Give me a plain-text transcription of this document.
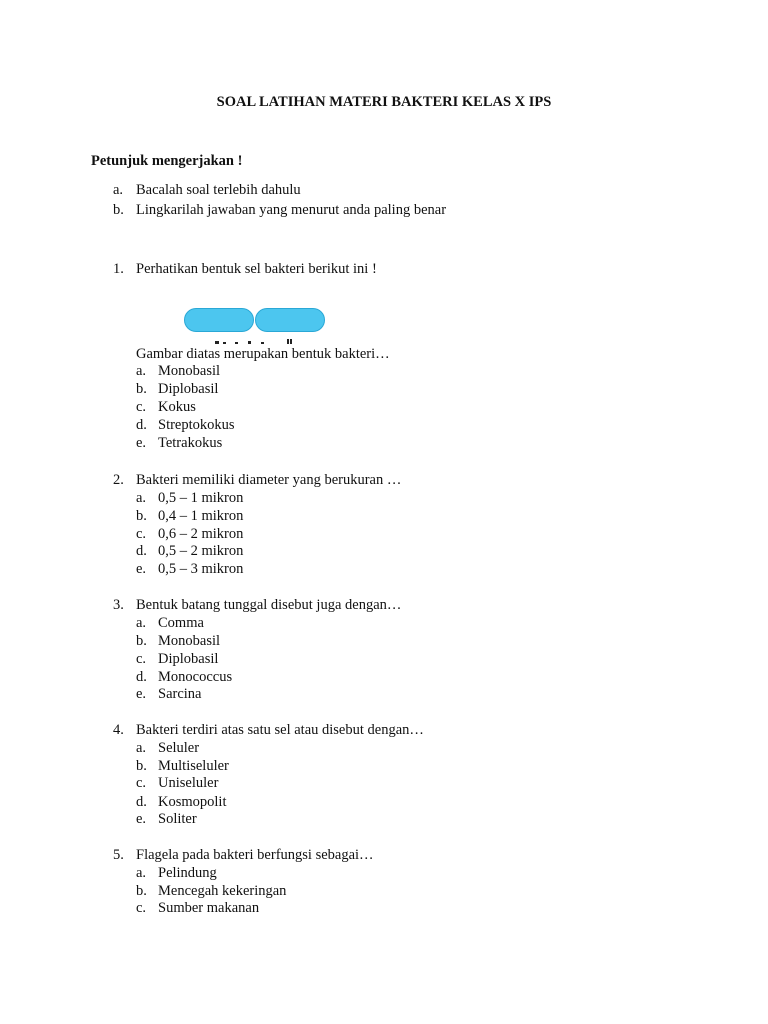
SOAL LATIHAN MATERI BAKTERI KELAS X IPS
Petunjuk mengerjakan !
a. Bacalah soal terlebih dahulu
b. Lingkarilah jawaban yang menurut anda paling benar
1. Perhatikan bentuk sel bakteri berikut ini !
Gambar diatas merupakan bentuk bakteri…
a. Monobasil
b. Diplobasil
c. Kokus
d. Streptokokus
e. Tetrakokus
2. Bakteri memiliki diameter yang berukuran …
a. 0,5 – 1 mikron
b. 0,4 – 1 mikron
c. 0,6 – 2 mikron
d. 0,5 – 2 mikron
e. 0,5 – 3 mikron
3. Bentuk batang tunggal disebut juga dengan…
a. Comma
b. Monobasil
c. Diplobasil
d. Monococcus
e. Sarcina
4. Bakteri terdiri atas satu sel atau disebut dengan…
a. Seluler
b. Multiseluler
c. Uniseluler
d. Kosmopolit
e. Soliter
5. Flagela pada bakteri berfungsi sebagai…
a. Pelindung
b. Mencegah kekeringan
c. Sumber makanan
